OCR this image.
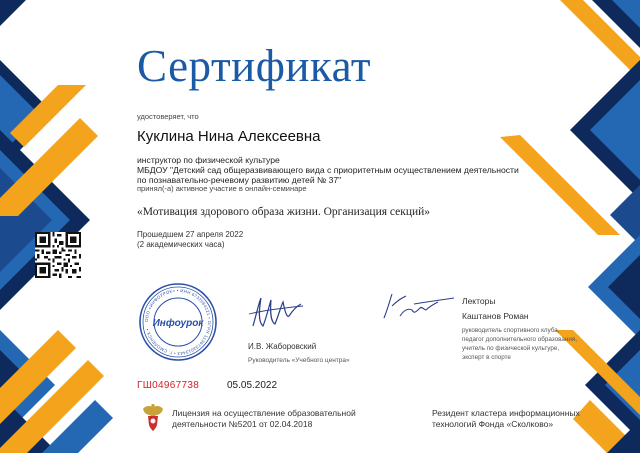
Сертификат
удостоверяет, что
Куклина Нина Алексеевна
инструктор по физической культуре
МБДОУ "Детский сад общеразвивающего вида с приоритетным осуществлением деятельности по познавательно-речевому развитию детей № 37"
принял(-а) активное участие в онлайн-семинаре
«Мотивация здорового образа жизни. Организация секций»
Прошедшем 27 апреля 2022
(2 академических часа)
ООО «ИНФОУРОК» • ИНН 6732064121 • ОГРН 1136733013443 • Г. СМОЛЕНСК •
Инфоурок
И.В. Жаборовский
Руководитель «Учебного центра»
Лекторы
Каштанов Роман
руководитель спортивного клуба,
педагог дополнительного образования,
учитель по физической культуре,
эксперт в спорте
ГШ04967738	05.05.2022
Лицензия на осуществление образовательной
деятельности №5201 от 02.04.2018
Резидент кластера информационных
технологий Фонда «Сколково»
